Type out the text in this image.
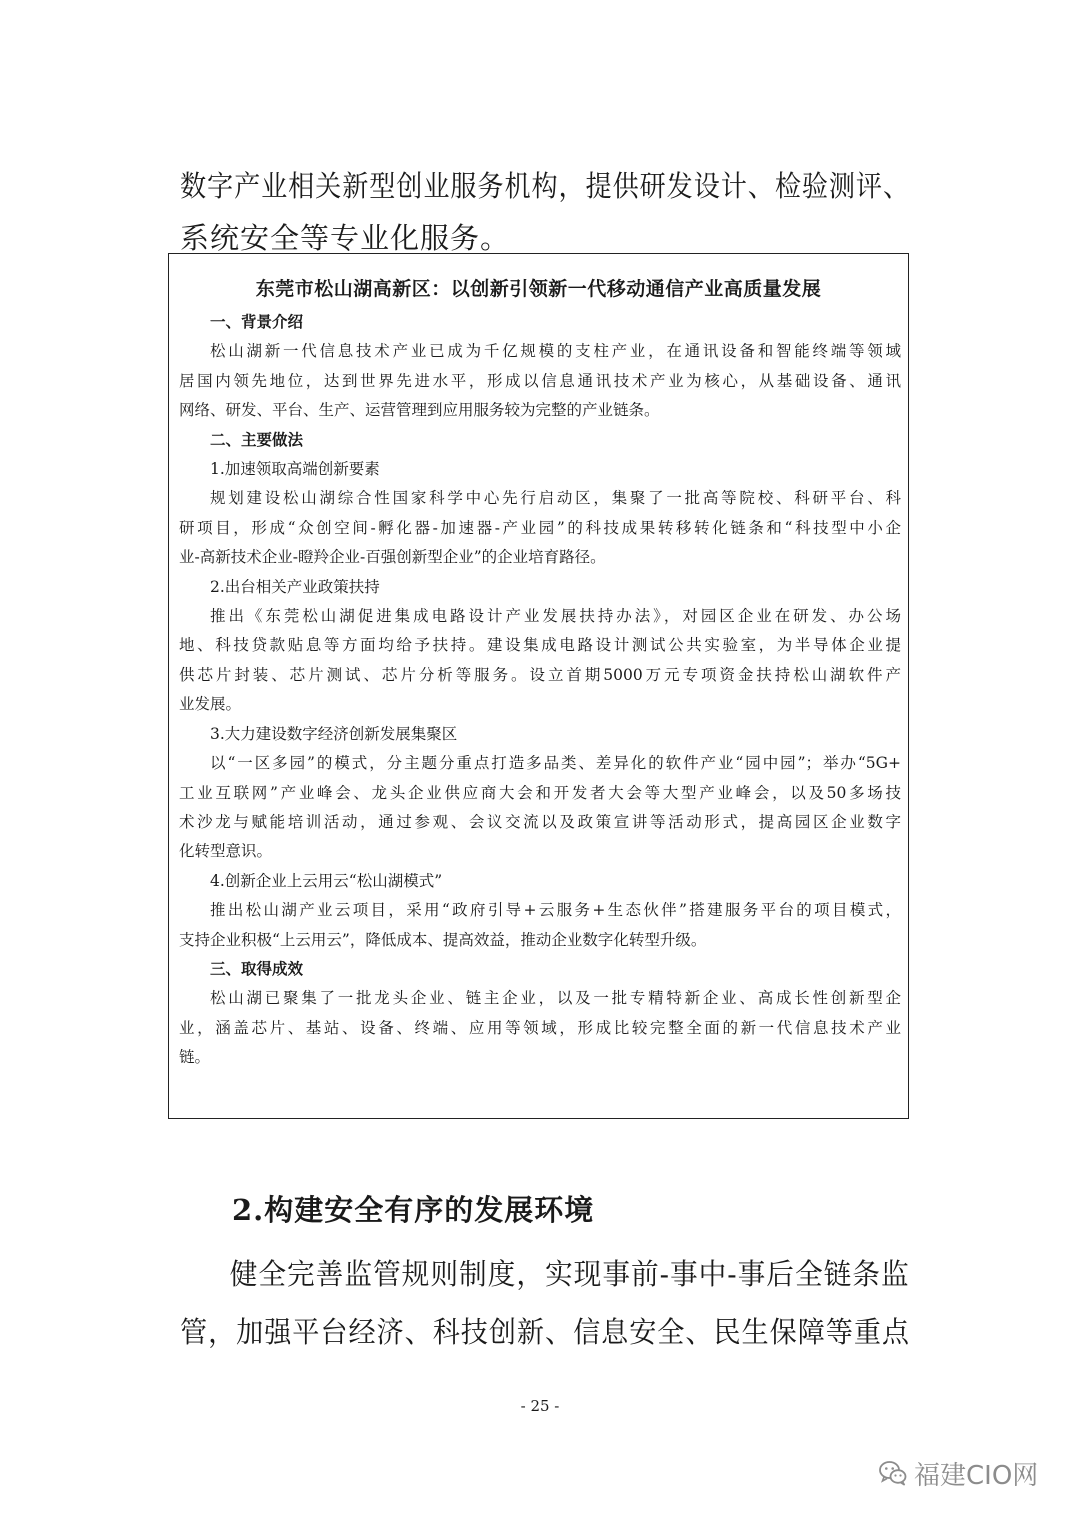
数字产业相关新型创业服务机构，提供研发设计、检验测评、
系统安全等专业化服务。
东莞市松山湖高新区：以创新引领新一代移动通信产业高质量发展
一、背景介绍
松山湖新一代信息技术产业已成为千亿规模的支柱产业，在通讯设备和智能终端等领域
居国内领先地位，达到世界先进水平，形成以信息通讯技术产业为核心，从基础设备、通讯
网络、研发、平台、生产、运营管理到应用服务较为完整的产业链条。
二、主要做法
1.加速领取高端创新要素
规划建设松山湖综合性国家科学中心先行启动区，集聚了一批高等院校、科研平台、科
研项目，形成“众创空间-孵化器-加速器-产业园”的科技成果转移转化链条和“科技型中小企
业-高新技术企业-瞪羚企业-百强创新型企业”的企业培育路径。
2.出台相关产业政策扶持
推出《东莞松山湖促进集成电路设计产业发展扶持办法》，对园区企业在研发、办公场
地、科技贷款贴息等方面均给予扶持。建设集成电路设计测试公共实验室，为半导体企业提
供芯片封装、芯片测试、芯片分析等服务。设立首期5000万元专项资金扶持松山湖软件产
业发展。
3.大力建设数字经济创新发展集聚区
以“一区多园”的模式，分主题分重点打造多品类、差异化的软件产业“园中园”；举办“5G+
工业互联网”产业峰会、龙头企业供应商大会和开发者大会等大型产业峰会，以及50多场技
术沙龙与赋能培训活动，通过参观、会议交流以及政策宣讲等活动形式，提高园区企业数字
化转型意识。
4.创新企业上云用云“松山湖模式”
推出松山湖产业云项目，采用“政府引导+云服务+生态伙伴”搭建服务平台的项目模式，
支持企业积极“上云用云”，降低成本、提高效益，推动企业数字化转型升级。
三、取得成效
松山湖已聚集了一批龙头企业、链主企业，以及一批专精特新企业、高成长性创新型企
业，涵盖芯片、基站、设备、终端、应用等领域，形成比较完整全面的新一代信息技术产业
链。
2.构建安全有序的发展环境
健全完善监管规则制度，实现事前-事中-事后全链条监
管，加强平台经济、科技创新、信息安全、民生保障等重点
- 25 -
福建CIO网
